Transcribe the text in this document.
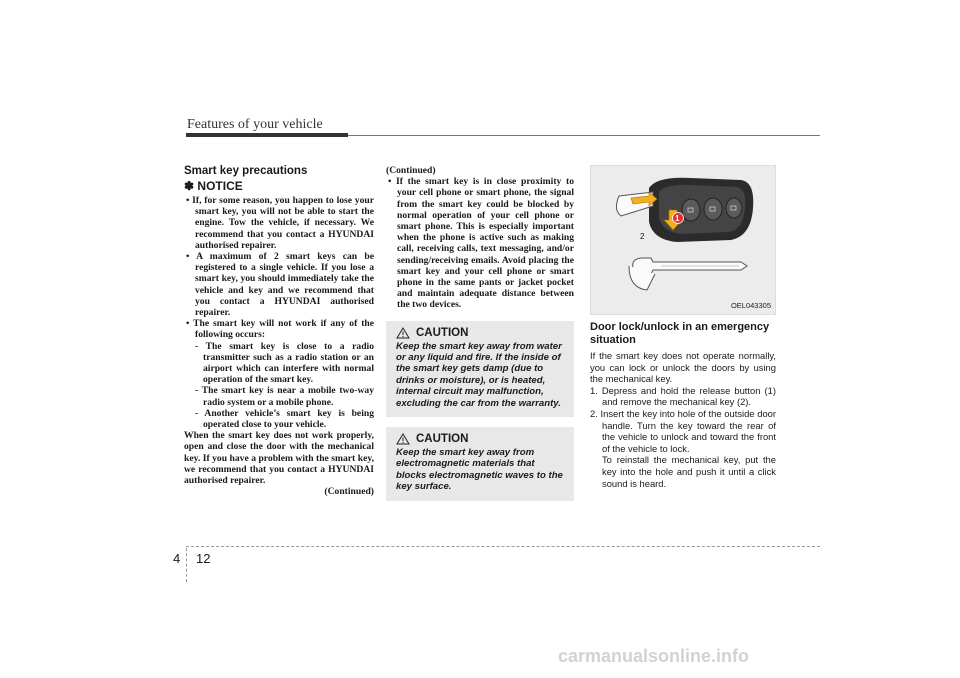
Features of your vehicle
Smart key precautions
✽ NOTICE

• If, for some reason, you happen to lose your smart key, you will not be able to start the engine. Tow the vehicle, if necessary. We recommend that you contact a HYUNDAI authorised repairer.

• A maximum of 2 smart keys can be registered to a single vehicle. If you lose a smart key, you should immediately take the vehicle and key and we recommend that you contact a HYUNDAI authorised repairer.

• The smart key will not work if any of the following occurs:

- The smart key is close to a radio transmitter such as a radio station or an airport which can interfere with normal operation of the smart key.

- The smart key is near a mobile two-way radio system or a mobile phone.

- Another vehicle’s smart key is being operated close to your vehicle.

When the smart key does not work properly, open and close the door with the mechanical key. If you have a problem with the smart key, we recommend that you contact a HYUNDAI authorised repairer.

(Continued)

(Continued)

• If the smart key is in close proximity to your cell phone or smart phone, the signal from the smart key could be blocked by normal operation of your cell phone or smart phone. This is especially important when the phone is active such as making call, receiving calls, text messaging, and/or sending/receiving emails. Avoid placing the smart key and your cell phone or smart phone in the same pants or jacket pocket and maintain adequate distance between the two devices.

CAUTION

Keep the smart key away from water or any liquid and fire. If the inside of the smart key gets damp (due to drinks or moisture), or is heated, internal circuit may malfunction, excluding the car from the warranty.

CAUTION

Keep the smart key away from electromagnetic materials that blocks electromagnetic waves to the key surface.

1
2
OEL043305
Door lock/unlock in an emergency situation

If the smart key does not operate normally, you can lock or unlock the doors by using the mechanical key.

1. Depress and hold the release button (1) and remove the mechanical key (2).

2. Insert the key into hole of the outside door handle. Turn the key toward the rear of the vehicle to unlock and toward the front of the vehicle to lock.

To reinstall the mechanical key, put the key into the hole and push it until a click sound is heard.

4 12
carmanualsonline.info
